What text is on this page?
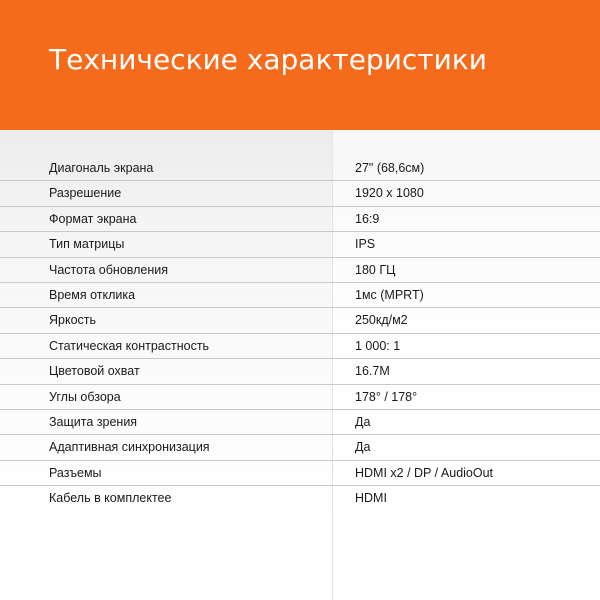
Технические характеристики
Диагональ экрана	27" (68,6см)
Разрешение	1920 x 1080
Формат экрана	16:9
Тип матрицы	IPS
Частота обновления	180 ГЦ
Время отклика	1мс (MPRT)
Яркость	250кд/м2
Статическая контрастность	1 000: 1
Цветовой охват	16.7M
Углы обзора	178° / 178°
Защита зрения	Да
Адаптивная синхронизация	Да
Разъемы	HDMI x2 / DP / AudioOut
Кабель в комплектее	HDMI
